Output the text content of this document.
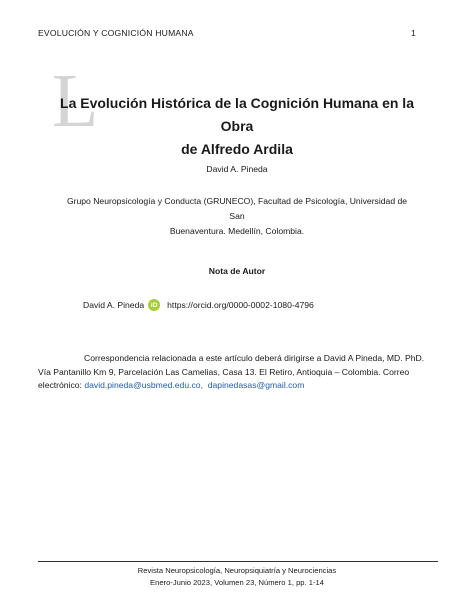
EVOLUCIÓN Y COGNICIÓN HUMANA	1
L
La Evolución Histórica de la Cognición Humana en la Obra
de Alfredo Ardila
David A. Pineda
Grupo Neuropsicología y Conducta (GRUNECO), Facultad de Psicología, Universidad de San
Buenaventura. Medellín, Colombia.
Nota de Autor
David A. Pineda	iD	https://orcid.org/0000-0002-1080-4796
Correspondencia relacionada a este artículo deberá dirigirse a David A Pineda, MD. PhD.
Vía Pantanillo Km 9, Parcelación Las Camelias, Casa 13. El Retiro, Antioquia – Colombia. Correo
electrónico: david.pineda@usbmed.edu.co, dapinedasas@gmail.com
Revista Neuropsicología, Neuropsiquiatría y Neurociencias
Enero-Junio 2023, Volumen 23, Número 1, pp. 1-14
